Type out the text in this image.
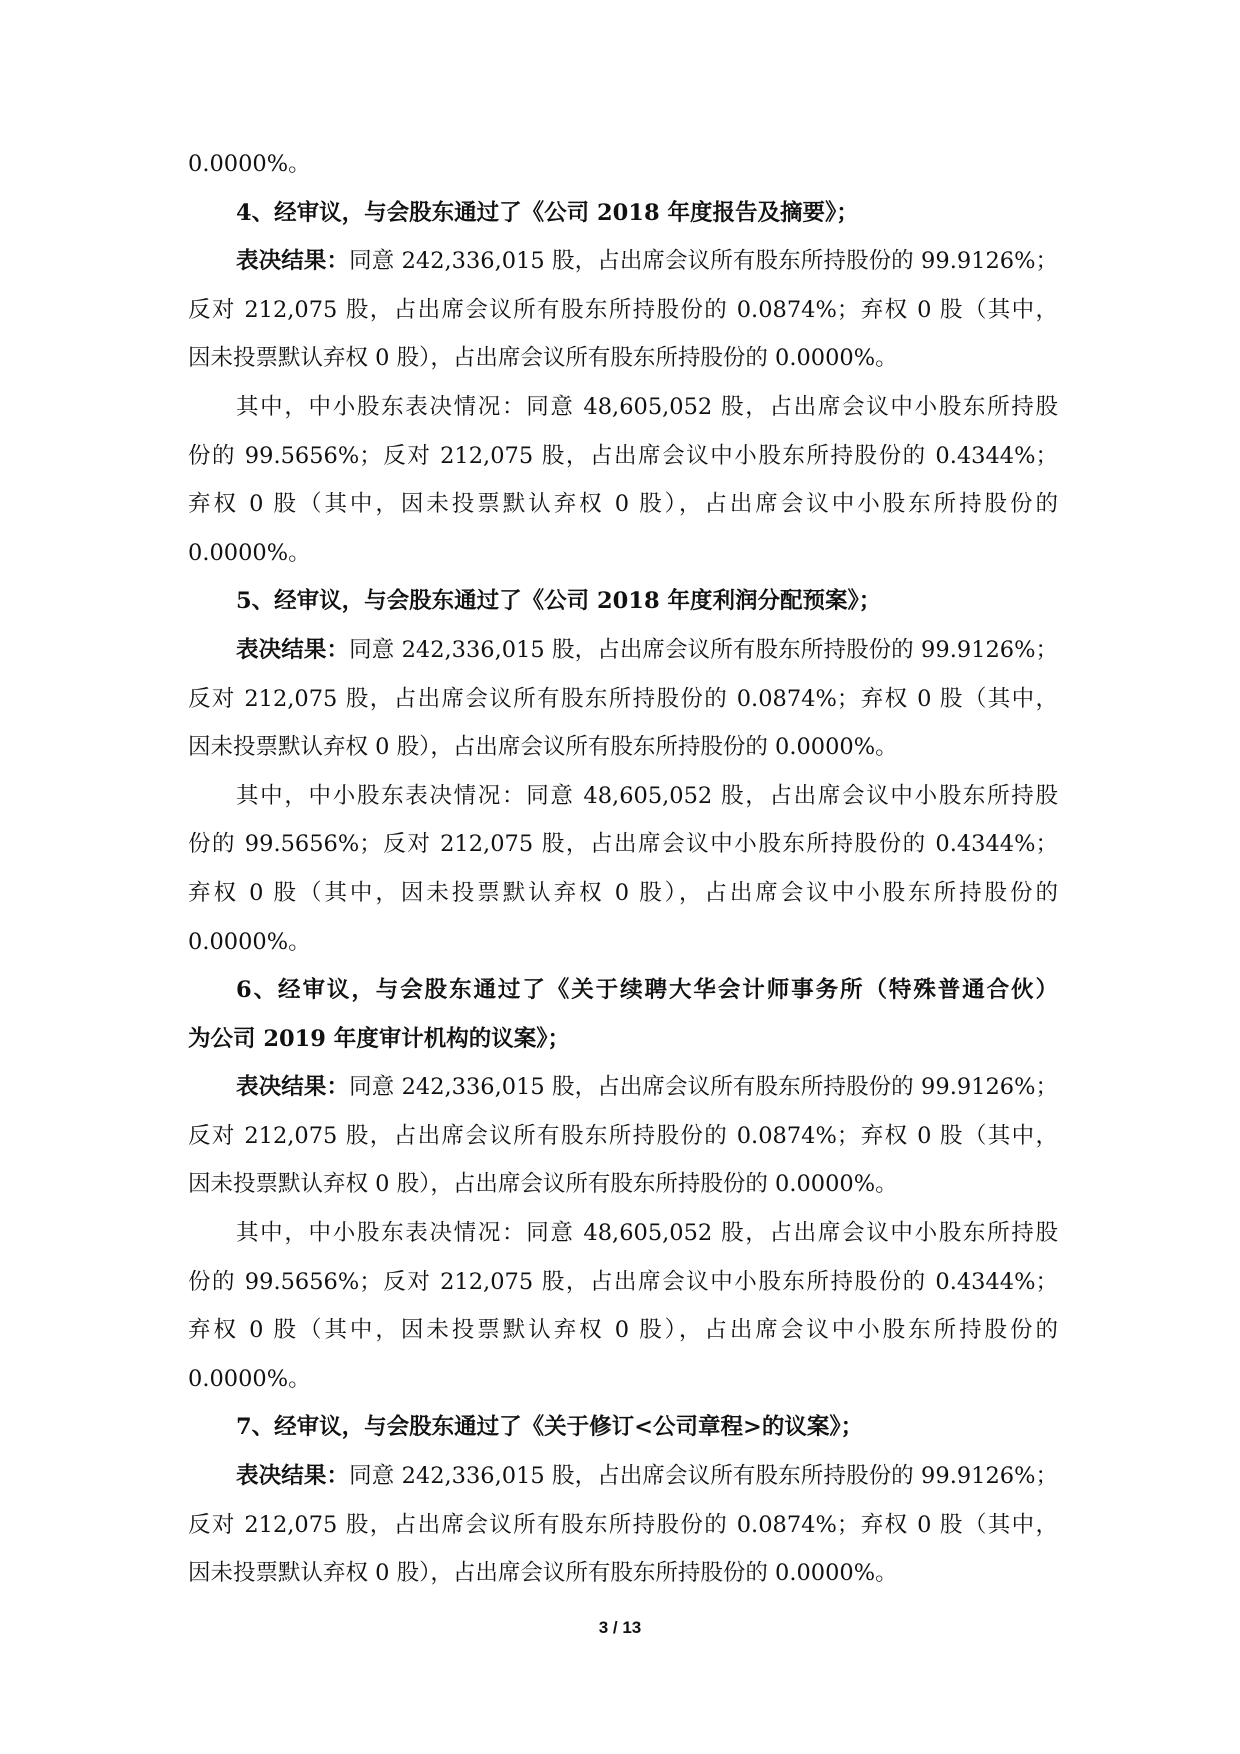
0.0000%。

4、经审议，与会股东通过了《公司 2018 年度报告及摘要》；

表决结果：同意 242,336,015 股，占出席会议所有股东所持股份的 99.9126%；

反对 212,075 股，占出席会议所有股东所持股份的 0.0874%；弃权 0 股（其中，

因未投票默认弃权 0 股），占出席会议所有股东所持股份的 0.0000%。

其中，中小股东表决情况：同意 48,605,052 股，占出席会议中小股东所持股

份的 99.5656%；反对 212,075 股，占出席会议中小股东所持股份的 0.4344%；

弃权 0 股（其中，因未投票默认弃权 0 股），占出席会议中小股东所持股份的

0.0000%。

5、经审议，与会股东通过了《公司 2018 年度利润分配预案》；

表决结果：同意 242,336,015 股，占出席会议所有股东所持股份的 99.9126%；

反对 212,075 股，占出席会议所有股东所持股份的 0.0874%；弃权 0 股（其中，

因未投票默认弃权 0 股），占出席会议所有股东所持股份的 0.0000%。

其中，中小股东表决情况：同意 48,605,052 股，占出席会议中小股东所持股

份的 99.5656%；反对 212,075 股，占出席会议中小股东所持股份的 0.4344%；

弃权 0 股（其中，因未投票默认弃权 0 股），占出席会议中小股东所持股份的

0.0000%。

6、经审议，与会股东通过了《关于续聘大华会计师事务所（特殊普通合伙）

为公司 2019 年度审计机构的议案》；

表决结果：同意 242,336,015 股，占出席会议所有股东所持股份的 99.9126%；

反对 212,075 股，占出席会议所有股东所持股份的 0.0874%；弃权 0 股（其中，

因未投票默认弃权 0 股），占出席会议所有股东所持股份的 0.0000%。

其中，中小股东表决情况：同意 48,605,052 股，占出席会议中小股东所持股

份的 99.5656%；反对 212,075 股，占出席会议中小股东所持股份的 0.4344%；

弃权 0 股（其中，因未投票默认弃权 0 股），占出席会议中小股东所持股份的

0.0000%。

7、经审议，与会股东通过了《关于修订<公司章程>的议案》；

表决结果：同意 242,336,015 股，占出席会议所有股东所持股份的 99.9126%；

反对 212,075 股，占出席会议所有股东所持股份的 0.0874%；弃权 0 股（其中，

因未投票默认弃权 0 股），占出席会议所有股东所持股份的 0.0000%。

3 / 13
